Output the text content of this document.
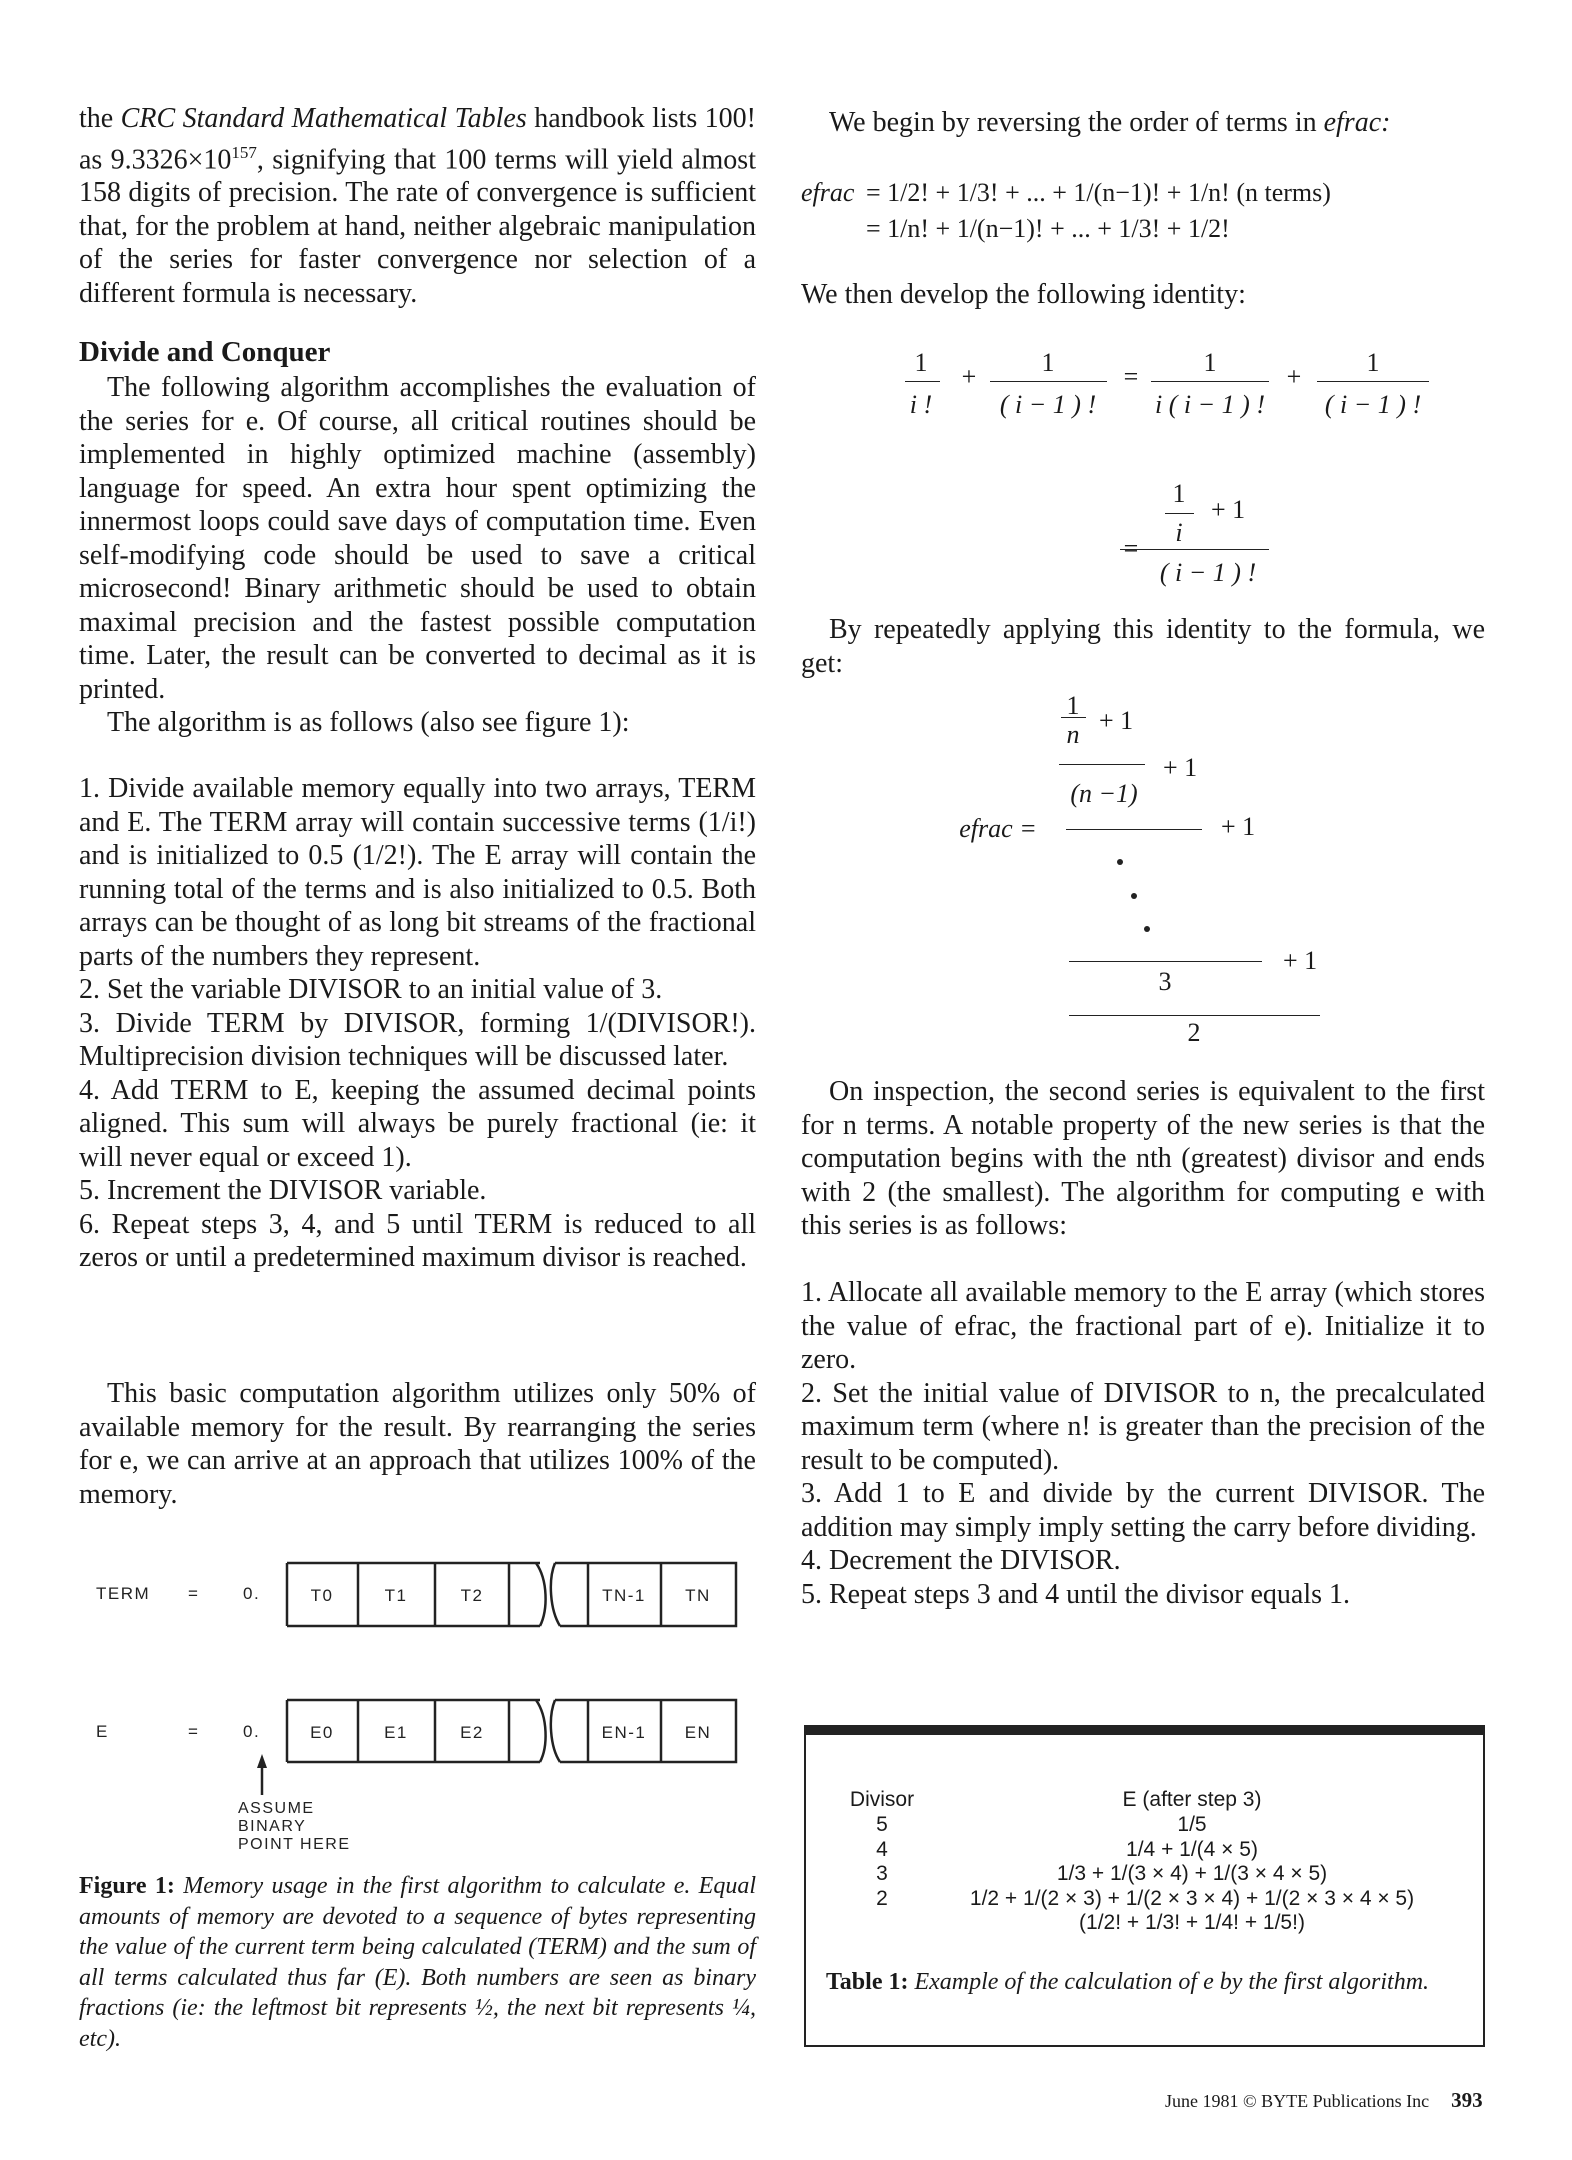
the CRC Standard Mathematical Tables handbook lists 100! as $9.3326\times 10^{157}$, signifying that 100 terms will yield almost 158 digits of precision. The rate of convergence is sufficient that, for the problem at hand, neither algebraic manipulation of the series for faster convergence nor selection of a different formula is necessary.
Divide and Conquer
The following algorithm accomplishes the evaluation of the series for e. Of course, all critical routines should be implemented in highly optimized machine (assembly) language for speed. An extra hour spent optimizing the innermost loops could save days of computation time. Even self-modifying code should be used to save a critical microsecond! Binary arithmetic should be used to obtain maximal precision and the fastest possible computation time. Later, the result can be converted to decimal as it is printed.
The algorithm is as follows (also see figure 1):
1. Divide available memory equally into two arrays, TERM and E. The TERM array will contain successive terms (1/i!) and is initialized to 0.5 (1/2!). The E array will contain the running total of the terms and is also initialized to 0.5. Both arrays can be thought of as long bit streams of the fractional parts of the numbers they represent.
2. Set the variable DIVISOR to an initial value of 3.
3. Divide TERM by DIVISOR, forming 1/(DIVISOR!). Multiprecision division techniques will be discussed later.
4. Add TERM to E, keeping the assumed decimal points aligned. This sum will always be purely fractional (ie: it will never equal or exceed 1).
5. Increment the DIVISOR variable.
6. Repeat steps 3, 4, and 5 until TERM is reduced to all zeros or until a predetermined maximum divisor is reached.
This basic computation algorithm utilizes only 50% of available memory for the result. By rearranging the series for e, we can arrive at an approach that utilizes 100% of the memory.
TERM =	0.
E	=	0.
T0	T1	T2	TN-1 TN
E0	E1	E2	EN-1 EN
ASSUME
BINARY
POINT HERE
Figure 1: Memory usage in the first algorithm to calculate e. Equal amounts of memory are devoted to a sequence of bytes representing the value of the current term being calculated (TERM) and the sum of all terms calculated thus far (E). Both numbers are seen as binary fractions (ie: the leftmost bit represents ½, the next bit represents ¼, etc).
We begin by reversing the order of terms in efrac:
efrac = 1/2! + 1/3! + ... + 1/(n−1)! + 1/n! (n terms)
= 1/n! + 1/(n−1)! + ... + 1/3! + 1/2!
We then develop the following identity:
1
i !
+	1
( i − 1 ) !
=	1
i ( i − 1 ) !
+	1
( i − 1 ) !
1
i
+ 1
=
( i − 1 ) !
By repeatedly applying this identity to the formula, we get:
1
n + 1
+ 1
(n −1)
efrac =	+ 1
+ 1
3
2
On inspection, the second series is equivalent to the first for n terms. A notable property of the new series is that the computation begins with the nth (greatest) divisor and ends with 2 (the smallest). The algorithm for computing e with this series is as follows:
1. Allocate all available memory to the E array (which stores the value of efrac, the fractional part of e). Initialize it to zero.
2. Set the initial value of DIVISOR to n, the precalculated maximum term (where n! is greater than the precision of the result to be computed).
3. Add 1 to E and divide by the current DIVISOR. The addition may simply imply setting the carry before dividing.
4. Decrement the DIVISOR.
5. Repeat steps 3 and 4 until the divisor equals 1.
Divisor	E (after step 3)
5	1/5
4	1/4 + 1/(4 × 5)
3	1/3 + 1/(3 × 4) + 1/(3 × 4 × 5)
2	1/2 + 1/(2 × 3) + 1/(2 × 3 × 4) + 1/(2 × 3 × 4 × 5)
(1/2! + 1/3! + 1/4! + 1/5!)
Table 1: Example of the calculation of e by the first algorithm.
June 1981 © BYTE Publications Inc 393
